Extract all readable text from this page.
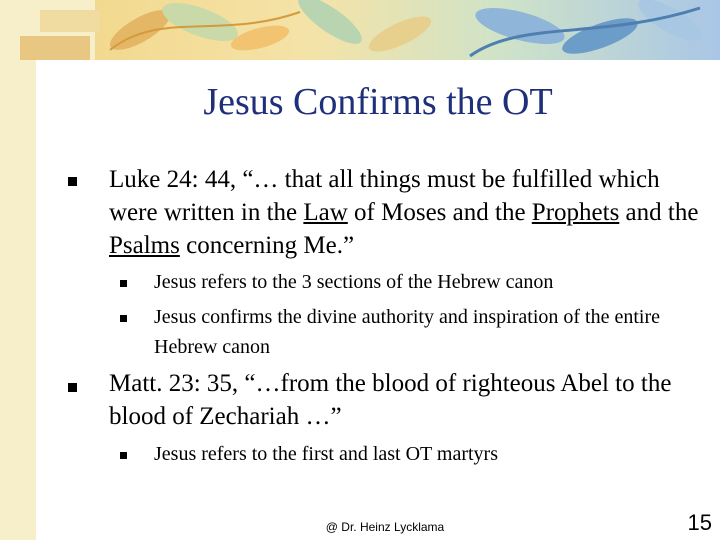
Jesus Confirms the OT
Luke 24: 44, “… that all things must be fulfilled which were written in the Law of Moses and the Prophets and the Psalms concerning Me.”
Jesus refers to the 3 sections of the Hebrew canon
Jesus confirms the divine authority and inspiration of the entire Hebrew canon
Matt. 23: 35, “…from the blood of righteous Abel to the blood of Zechariah …”
Jesus refers to the first and last OT martyrs
@ Dr. Heinz Lycklama	15
